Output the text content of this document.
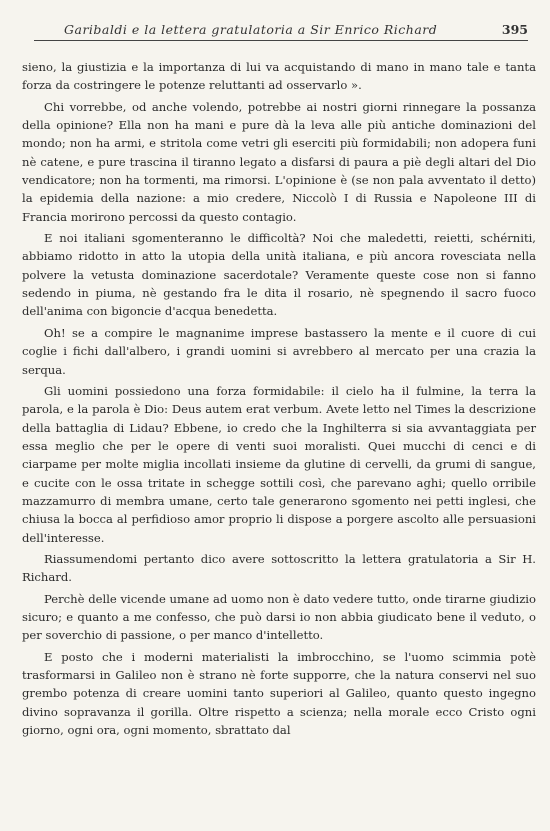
Garibaldi e la lettera gratulatoria a Sir Enrico Richard	395

sieno, la giustizia e la importanza di lui va acquistando di mano in mano tale e tanta forza da costringere le potenze reluttanti ad osservarlo ».

Chi vorrebbe, od anche volendo, potrebbe ai nostri giorni rinnegare la possanza della opinione? Ella non ha mani e pure dà la leva alle più antiche dominazioni del mondo; non ha armi, e stritola come vetri gli eserciti più formidabili; non adopera funi nè catene, e pure trascina il tiranno legato a disfarsi di paura a piè degli altari del Dio vendicatore; non ha tormenti, ma rimorsi. L'opinione è (se non pala avventato il detto) la epidemia della nazione: a mio credere, Niccolò I di Russia e Napoleone III di Francia morirono percossi da questo contagio.

E noi italiani sgomenteranno le difficoltà? Noi che maledetti, reietti, schérniti, abbiamo ridotto in atto la utopia della unità italiana, e più ancora rovesciata nella polvere la vetusta dominazione sacerdotale? Veramente queste cose non si fanno sedendo in piuma, nè gestando fra le dita il rosario, nè spegnendo il sacro fuoco dell'anima con bigoncie d'acqua benedetta.

Oh! se a compire le magnanime imprese bastassero la mente e il cuore di cui coglie i fichi dall'albero, i grandi uomini si avrebbero al mercato per una crazia la serqua.

Gli uomini possiedono una forza formidabile: il cielo ha il fulmine, la terra la parola, e la parola è Dio: Deus autem erat verbum. Avete letto nel Times la descrizione della battaglia di Lidau? Ebbene, io credo che la Inghilterra si sia avvantaggiata per essa meglio che per le opere di venti suoi moralisti. Quei mucchi di cenci e di ciarpame per molte miglia incollati insieme da glutine di cervelli, da grumi di sangue, e cucite con le ossa tritate in schegge sottili così, che parevano aghi; quello orribile mazzamurro di membra umane, certo tale generarono sgomento nei petti inglesi, che chiusa la bocca al perfidioso amor proprio li dispose a porgere ascolto alle persuasioni dell'interesse.

Riassumendomi pertanto dico avere sottoscritto la lettera gratulatoria a Sir H. Richard.

Perchè delle vicende umane ad uomo non è dato vedere tutto, onde tirarne giudizio sicuro; e quanto a me confesso, che può darsi io non abbia giudicato bene il veduto, o per soverchio di passione, o per manco d'intelletto.

E posto che i moderni materialisti la imbrocchino, se l'uomo scimmia potè trasformarsi in Galileo non è strano nè forte supporre, che la natura conservi nel suo grembo potenza di creare uomini tanto superiori al Galileo, quanto questo ingegno divino sopravanza il gorilla. Oltre rispetto a scienza; nella morale ecco Cristo ogni giorno, ogni ora, ogni momento, sbrattato dal
